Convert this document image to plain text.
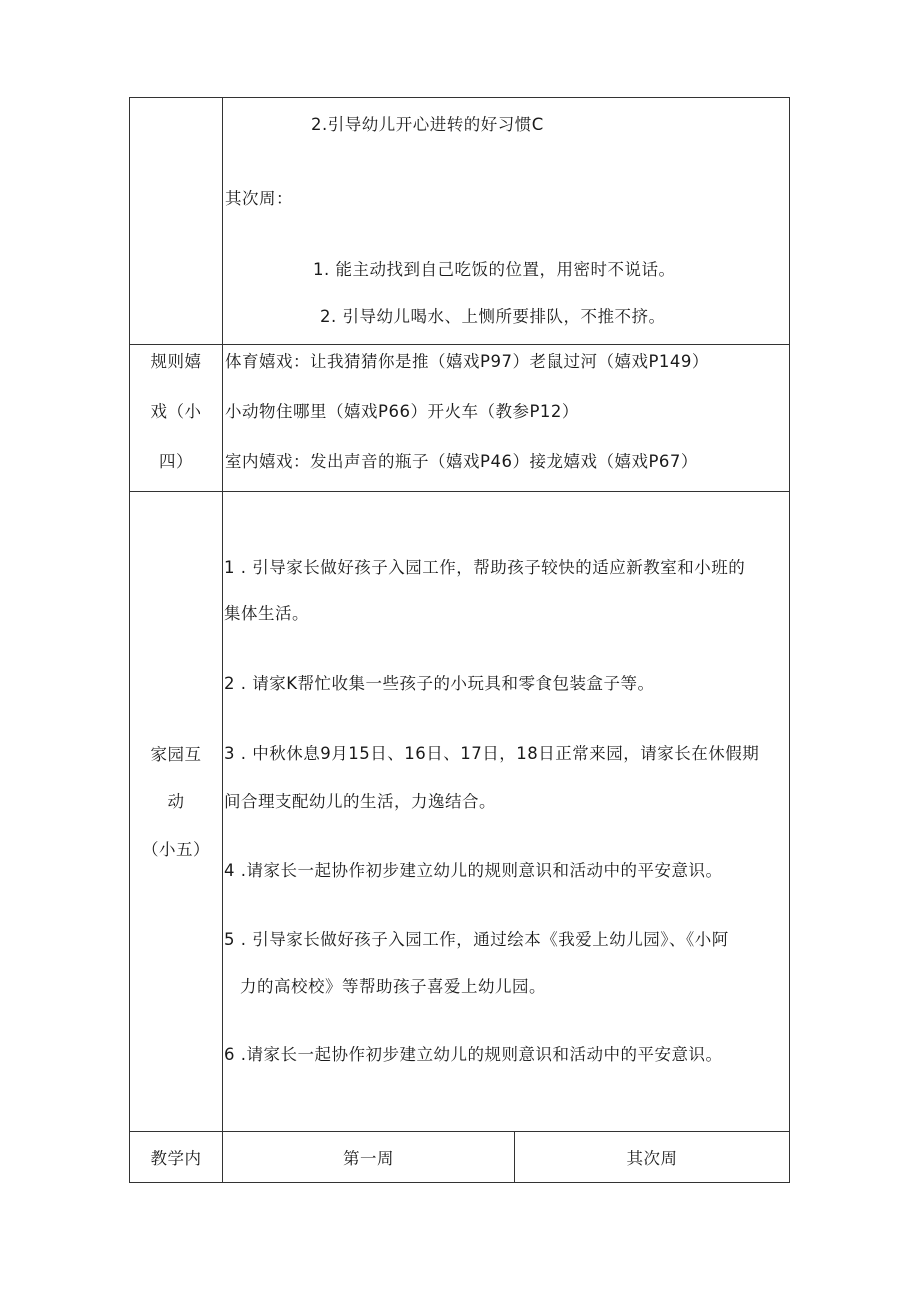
2.引导幼儿开心进转的好习惯C
其次周：
1. 能主动找到自己吃饭的位置，用密时不说话。
2. 引导幼儿喝水、上恻所要排队，不推不挤。
规则嬉
戏（小
四）
体育嬉戏：让我猜猜你是推（嬉戏P97）老鼠过河（嬉戏P149）
小动物住哪里（嬉戏P66）开火车（教参P12）
室内嬉戏：发出声音的瓶子（嬉戏P46）接龙嬉戏（嬉戏P67）
家园互
动
（小五）
1 . 引导家长做好孩子入园工作，帮助孩子较快的适应新教室和小班的
集体生活。
2 . 请家K帮忙收集一些孩子的小玩具和零食包装盒子等。
3 . 中秋休息9月15日、16日、17日，18日正常来园，请家长在休假期
间合理支配幼儿的生活，力逸结合。
4 .请家长一起协作初步建立幼儿的规则意识和活动中的平安意识。
5 . 引导家长做好孩子入园工作，通过绘本《我爱上幼儿园》、《小阿
力的高校校》等帮助孩子喜爱上幼儿园。
6 .请家长一起协作初步建立幼儿的规则意识和活动中的平安意识。
教学内	第一周	其次周
